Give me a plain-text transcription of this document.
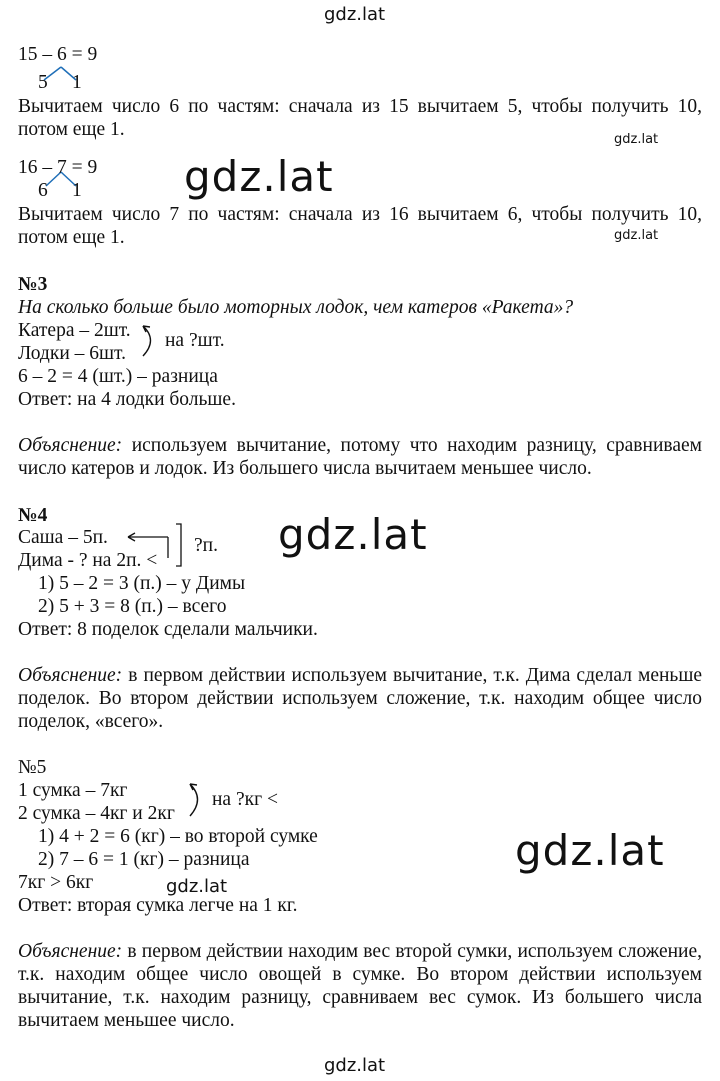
gdz.lat
gdz.lat
gdz.lat
gdz.lat
gdz.lat
gdz.lat
gdz.lat
gdz.lat
15 – 6 = 9
5 1
Вычитаем число 6 по частям: сначала из 15 вычитаем 5, чтобы получить 10, потом еще 1.
16 – 7 = 9
6 1
Вычитаем число 7 по частям: сначала из 16 вычитаем 6, чтобы получить 10, потом еще 1.
№3
На сколько больше было моторных лодок, чем катеров «Ракета»?
Катера – 2шт. на ?шт.
Лодки – 6шт.
6 – 2 = 4 (шт.) – разница
Ответ: на 4 лодки больше.
Объяснение: используем вычитание, потому что находим разницу, сравниваем число катеров и лодок. Из большего числа вычитаем меньшее число.
№4
Саша – 5п.	?п.
Дима - ? на 2п. <
1) 5 – 2 = 3 (п.) – у Димы
2) 5 + 3 = 8 (п.) – всего
Ответ: 8 поделок сделали мальчики.
Объяснение: в первом действии используем вычитание, т.к. Дима сделал меньше поделок. Во втором действии используем сложение, т.к. находим общее число поделок, «всего».
№5
1 сумка – 7кг	на ?кг <
2 сумка – 4кг и 2кг
1) 4 + 2 = 6 (кг) – во второй сумке
2) 7 – 6 = 1 (кг) – разница
7кг > 6кг
Ответ: вторая сумка легче на 1 кг.
Объяснение: в первом действии находим вес второй сумки, используем сложение, т.к. находим общее число овощей в сумке. Во втором действии используем вычитание, т.к. находим разницу, сравниваем вес сумок. Из большего числа вычитаем меньшее число.
